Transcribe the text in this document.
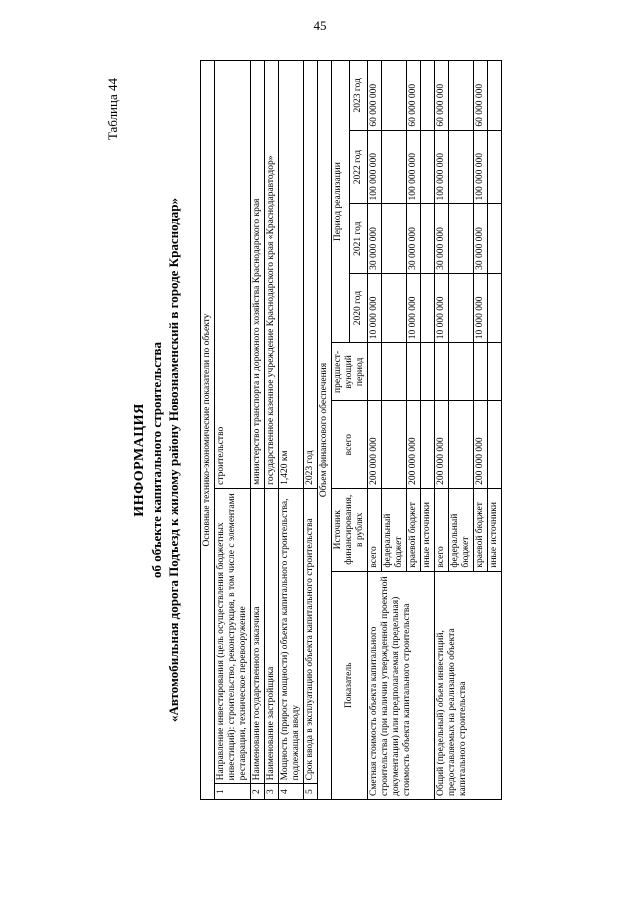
45
Таблица 44
ИНФОРМАЦИЯ об объекте капитального строительства «Автомобильная дорога Подъезд к жилому району Новознаменский в городе Краснодар» Основные технико-экономические показатели по объекту								
1	Направление инвестирования (цель осуществления бюджетных инвестиций): строительство, реконструкция, в том числе с элементами реставрации, техническое перевооружение		строительство					
2	Наименование государственного заказчика		министерство транспорта и дорожного хозяйства Краснодарского края					
3	Наименование застройщика		государственное казенное учреждение Краснодарского края «Краснодаравтодор»					
4	Мощность (прирост мощности) объекта капитального строительства, подлежащая вводу		1,420 км					
5	Срок ввода в эксплуатацию объекта капитального строительства		2023 год					
Объем финансового обеспечения								
Показатель		Источник финансирования, в рублях	всего	предшест-вующий период	Период реализации			
					2020 год	2021 год	2022 год	2023 год
Сметная стоимость объекта капитального строительства (при наличии утвержденной проектной документации) или предполагаемая (предельная) стоимость объекта капитального строительства		всего	200 000 000		10 000 000	30 000 000	100 000 000	60 000 000
		федеральный бюджет						
		краевой бюджет	200 000 000		10 000 000	30 000 000	100 000 000	60 000 000
		иные источники						
Общий (предельный) объем инвестиций, предоставляемых на реализацию объекта капитального строительства		всего	200 000 000		10 000 000	30 000 000	100 000 000	60 000 000
		федеральный бюджет						
		краевой бюджет	200 000 000		10 000 000	30 000 000	100 000 000	60 000 000
		иные источники						
